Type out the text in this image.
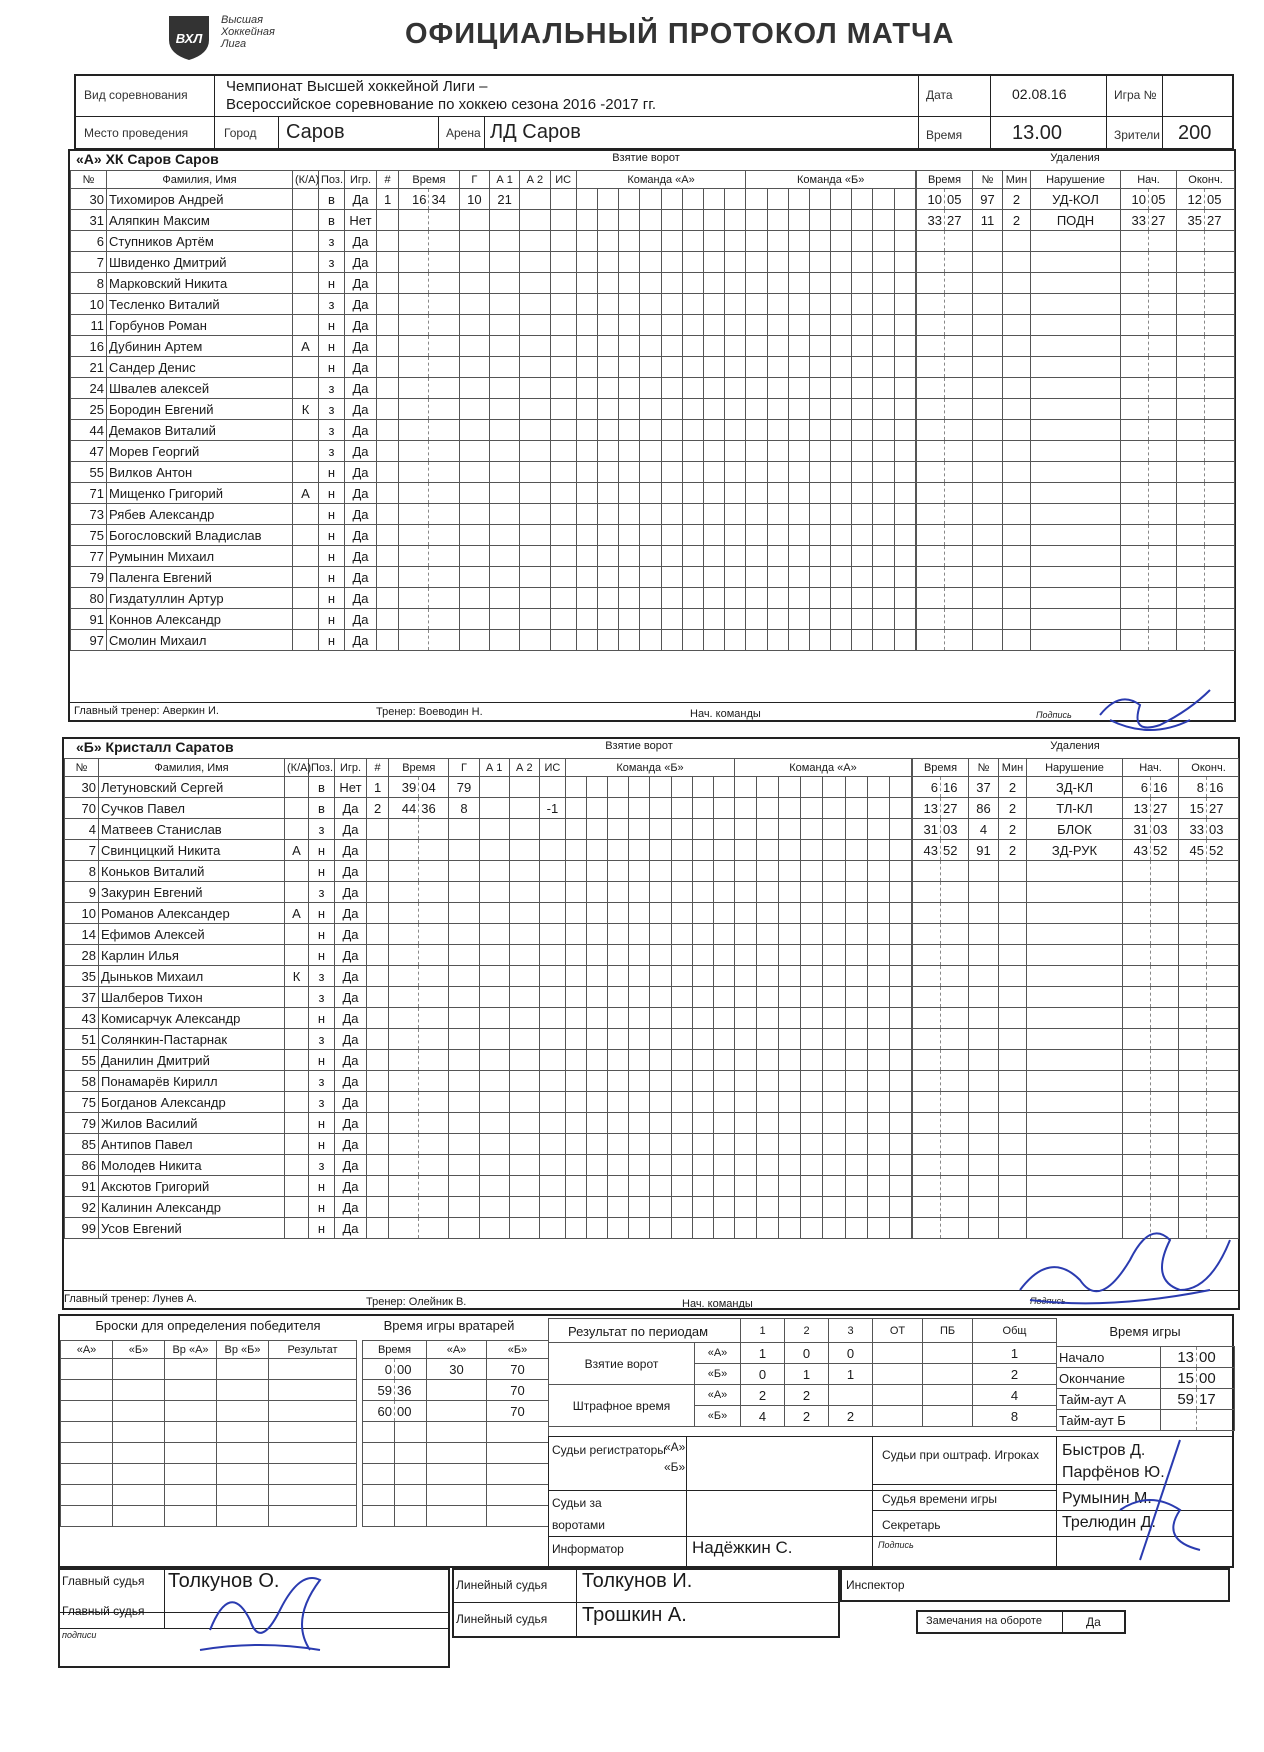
ВХЛ
Высшая
Хоккейная
Лига	ОФИЦИАЛЬНЫЙ ПРОТОКОЛ МАТЧА
Вид соревнования	Чемпионат Высшей хоккейной Лиги –
Всероссийское соревнование по хоккею сезона 2016 -2017 гг.
Место проведения	Город Саров	Арена ЛД Саров
Дата	02.08.16	Игра №
Время 13.00	Зрители 200
«А» ХК Саров Саров
№	Фамилия, Имя	(К/А)	Поз.	Игр.
30	Тихомиров Андрей		в	Да
31	Аляпкин Максим		в	Нет
6	Ступников Артём		з	Да
7	Швиденко Дмитрий		з	Да
8	Марковский Никита		н	Да
10	Тесленко Виталий		з	Да
11	Горбунов Роман		н	Да
16	Дубинин Артем	А	н	Да
21	Сандер Денис		н	Да
24	Швалев алексей		з	Да
25	Бородин Евгений	К	з	Да
44	Демаков Виталий		з	Да
47	Морев Георгий		з	Да
55	Вилков Антон		н	Да
71	Мищенко Григорий	А	н	Да
73	Рябев Александр		н	Да
75	Богословский Владислав		н	Да
77	Румынин Михаил		н	Да
79	Паленга Евгений		н	Да
80	Гиздатуллин Артур		н	Да
91	Коннов Александр		н	Да
97	Смолин Михаил		н	Да
Взятие ворот
#	Время		Г	А 1	А 2	ИС	Команда «А»								Команда «Б»							
1	16	34	10	21																		

Удаления
Время		№	Мин	Нарушение	Нач.		Оконч.	
10	05	97	2	УД-КОЛ	10	05	12	05
33	27	11	2	ПОДН	33	27	35	27

Главный тренер: Аверкин И.	Тренер: Воеводин Н.	Нач. команды	Подпись
«Б» Кристалл Саратов
№	Фамилия, Имя	(К/А)	Поз.	Игр.
30	Летуновский Сергей		в	Нет
70	Сучков Павел		в	Да
4	Матвеев Станислав		з	Да
7	Свинцицкий Никита	А	н	Да
8	Коньков Виталий		н	Да
9	Закурин Евгений		з	Да
10	Романов Александер	А	н	Да
14	Ефимов Алексей		н	Да
28	Карлин Илья		н	Да
35	Дыньков Михаил	К	з	Да
37	Шалберов Тихон		з	Да
43	Комисарчук Александр		н	Да
51	Солянкин-Пастарнак		з	Да
55	Данилин Дмитрий		н	Да
58	Понамарёв Кирилл		з	Да
75	Богданов Александр		з	Да
79	Жилов Василий		н	Да
85	Антипов Павел		н	Да
86	Молодев Никита		з	Да
91	Аксютов Григорий		н	Да
92	Калинин Александр		н	Да
99	Усов Евгений		н	Да
Взятие ворот
#	Время		Г	А 1	А 2	ИС	Команда «Б»								Команда «А»							
1	39	04	79																			
2	44	36	8			-1																

Удаления
Время		№	Мин	Нарушение	Нач.		Оконч.	
6	16	37	2	ЗД-КЛ	6	16	8	16
13	27	86	2	ТЛ-КЛ	13	27	15	27
31	03	4	2	БЛОК	31	03	33	03
43	52	91	2	ЗД-РУК	43	52	45	52

Главный тренер: Лунев А.	Тренер: Олейник В.	Нач. команды	Подпись
Броски для определения победителя
«А»	«Б»	Вр «А»	Вр «Б»	Результат

Время игры вратарей
Время		«А»	«Б»
0	00	30	70
59	36		70
60	00		70

Результат по периодам
		1	2	3	ОТ	ПБ	Общ
Взятие ворот	«А»	1	0	0			1
	«Б»	0	1	1			2
Штрафное время	«А»	2	2				4
	«Б»	4	2	2			8
Время игры
Начало	13	00
Окончание	15	00
Тайм-аут А	59	17
Тайм-аут Б		
Судьи регистраторы
«А»
«Б»
Судьи за воротами
Информатор	Надёжкин С.
Судьи при оштраф. Игроках Быстров Д.
Парфёнов Ю.
Судья времени игры	Румынин М.
Секретарь	Трелюдин Д.
Подпись
Главный судья Толкунов О.
Главный судья
подписи
Линейный судья Толкунов И.
Линейный судья Трошкин А.
Инспектор
Замечания на обороте	Да
